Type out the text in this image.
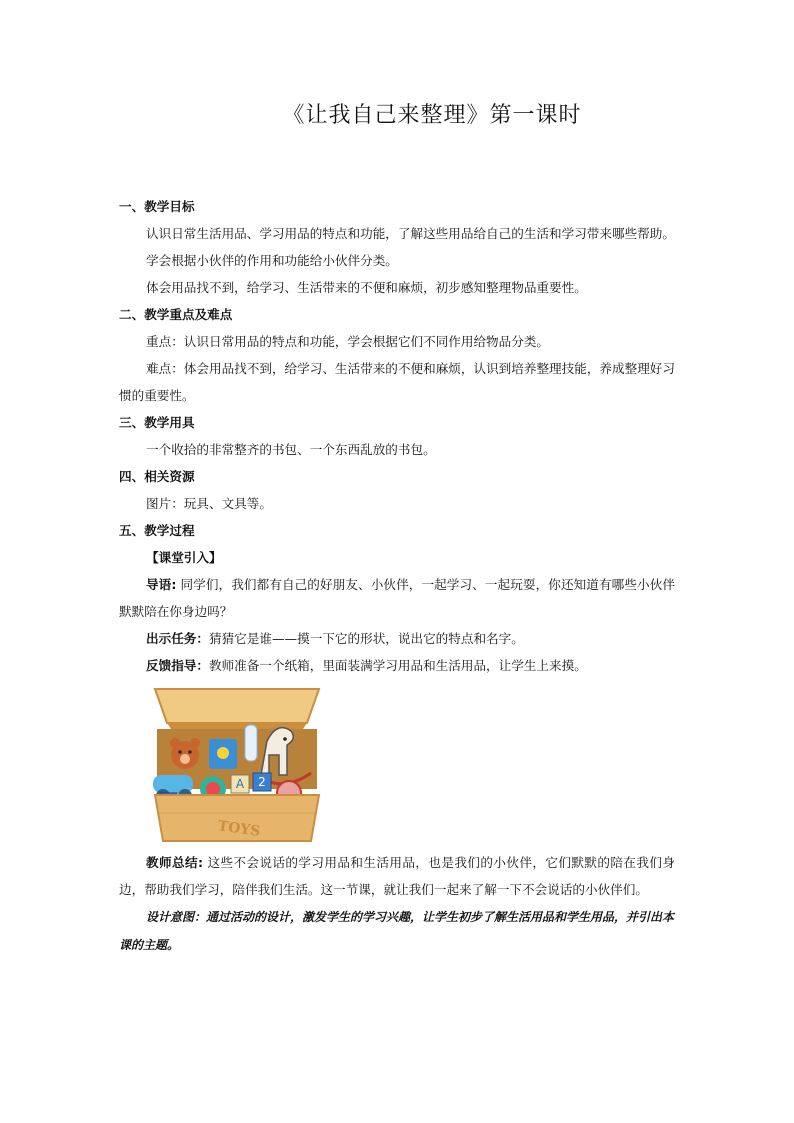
《让我自己来整理》第一课时

一、教学目标

认识日常生活用品、学习用品的特点和功能，了解这些用品给自己的生活和学习带来哪些帮助。

学会根据小伙伴的作用和功能给小伙伴分类。

体会用品找不到，给学习、生活带来的不便和麻烦，初步感知整理物品重要性。

二、教学重点及难点

重点：认识日常用品的特点和功能，学会根据它们不同作用给物品分类。

难点：体会用品找不到，给学习、生活带来的不便和麻烦，认识到培养整理技能，养成整理好习惯的重要性。

三、教学用具

一个收拾的非常整齐的书包、一个东西乱放的书包。

四、相关资源

图片：玩具、文具等。

五、教学过程

【课堂引入】

导语: 同学们，我们都有自己的好朋友、小伙伴，一起学习、一起玩耍，你还知道有哪些小伙伴默默陪在你身边吗？

出示任务：猜猜它是谁——摸一下它的形状，说出它的特点和名字。

反馈指导：教师准备一个纸箱，里面装满学习用品和生活用品，让学生上来摸。

A 2
TOYS

教师总结: 这些不会说话的学习用品和生活用品，也是我们的小伙伴，它们默默的陪在我们身边，帮助我们学习，陪伴我们生活。这一节课，就让我们一起来了解一下不会说话的小伙伴们。

设计意图：通过活动的设计，激发学生的学习兴趣，让学生初步了解生活用品和学生用品，并引出本课的主题。
